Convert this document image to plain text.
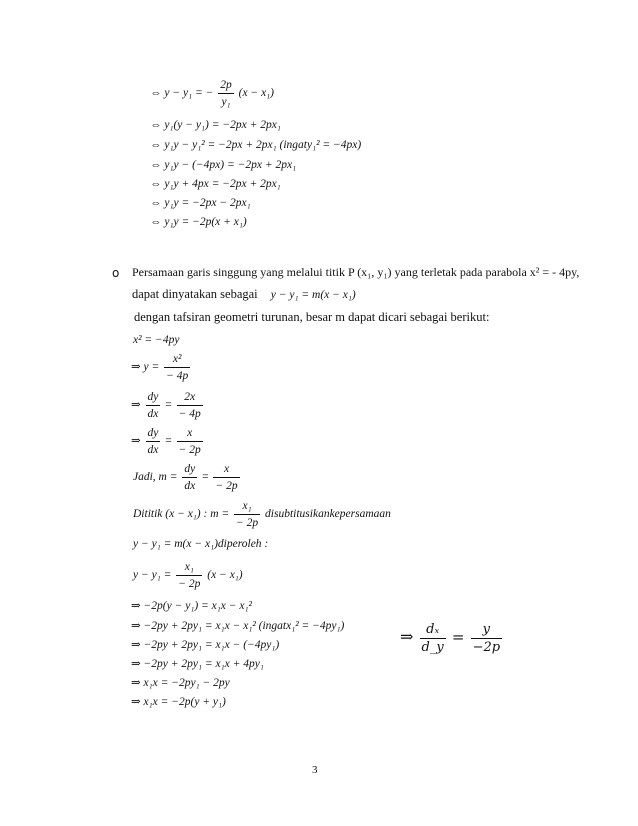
⇔ y − y₁ = − $\frac{2p}{\text{y₁}} (x - x_1)$
⇔ y₁(y − y₁) = −2px + 2px₁
⇔ y₁y − y₁² = −2px + 2px₁ (ingaty₁² = −4px)
⇔ y₁y − (−4px) = −2px + 2px₁
⇔ y₁y + 4px = −2px + 2px₁
⇔ y₁y = −2px − 2px₁
⇔ y₁y = −2p(x + x₁)
o Persamaan garis singgung yang melalui titik P (x₁, y₁) yang terletak pada parabola x² = - 4py,
dapat dinyatakan sebagai y − y₁ = m(x − x₁)
dengan tafsiran geometri turunan, besar m dapat dicari sebagai berikut:
x² = −4py
⇒ $y = \frac{\text{x²}}{- 4p}$
⇒ $\frac{dy}{dx} = \frac{2x}{- 4p}$
⇒ $\frac{dy}{dx} = \frac{x}{- 2p}$
Jadi, $m = \frac{dy}{dx} = \frac{x}{- 2p}$
Dititik (x − x₁) : $m = \frac{\text{x₁}}{- 2p}$ disubtitusikankepersamaan
y − y₁ = m(x − x₁)diperoleh :
$y - y_1 = \frac{\text{x₁}}{- 2p} (x - x_1)$
⇒ −2p(y − y₁) = x₁x − x₁²
⇒ −2py + 2py₁ = x₁x − x₁² (ingatx₁² = −4py₁)
⇒ −2py + 2py₁ = x₁x − (−4py₁)
⇒ −2py + 2py₁ = x₁x + 4py₁
⇒ x₁x = −2py₁ − 2py
⇒ x₁x = −2p(y + y₁)
⇒ $\frac{\text{dₓ}}{d\_y} = \frac{y}{-2p}$
3
